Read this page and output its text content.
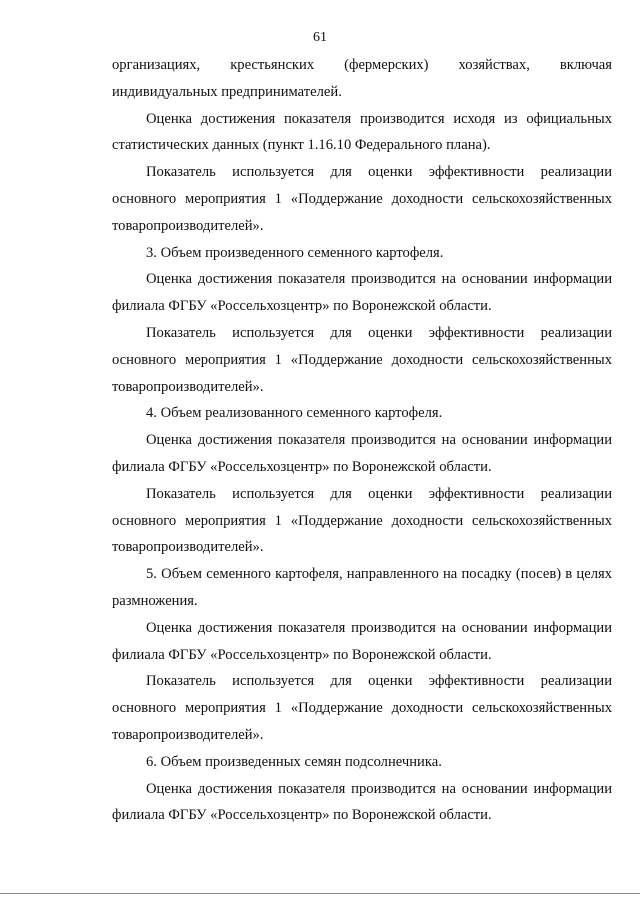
61

организациях, крестьянских (фермерских) хозяйствах, включая индивидуальных предпринимателей.

Оценка достижения показателя производится исходя из официальных статистических данных (пункт 1.16.10 Федерального плана).

Показатель используется для оценки эффективности реализации основного мероприятия 1 «Поддержание доходности сельскохозяйственных товаропроизводителей».

3. Объем произведенного семенного картофеля.

Оценка достижения показателя производится на основании информации филиала ФГБУ «Россельхозцентр» по Воронежской области.

Показатель используется для оценки эффективности реализации основного мероприятия 1 «Поддержание доходности сельскохозяйственных товаропроизводителей».

4. Объем реализованного семенного картофеля.

Оценка достижения показателя производится на основании информации филиала ФГБУ «Россельхозцентр» по Воронежской области.

Показатель используется для оценки эффективности реализации основного мероприятия 1 «Поддержание доходности сельскохозяйственных товаропроизводителей».

5. Объем семенного картофеля, направленного на посадку (посев) в целях размножения.

Оценка достижения показателя производится на основании информации филиала ФГБУ «Россельхозцентр» по Воронежской области.

Показатель используется для оценки эффективности реализации основного мероприятия 1 «Поддержание доходности сельскохозяйственных товаропроизводителей».

6. Объем произведенных семян подсолнечника.

Оценка достижения показателя производится на основании информации филиала ФГБУ «Россельхозцентр» по Воронежской области.
